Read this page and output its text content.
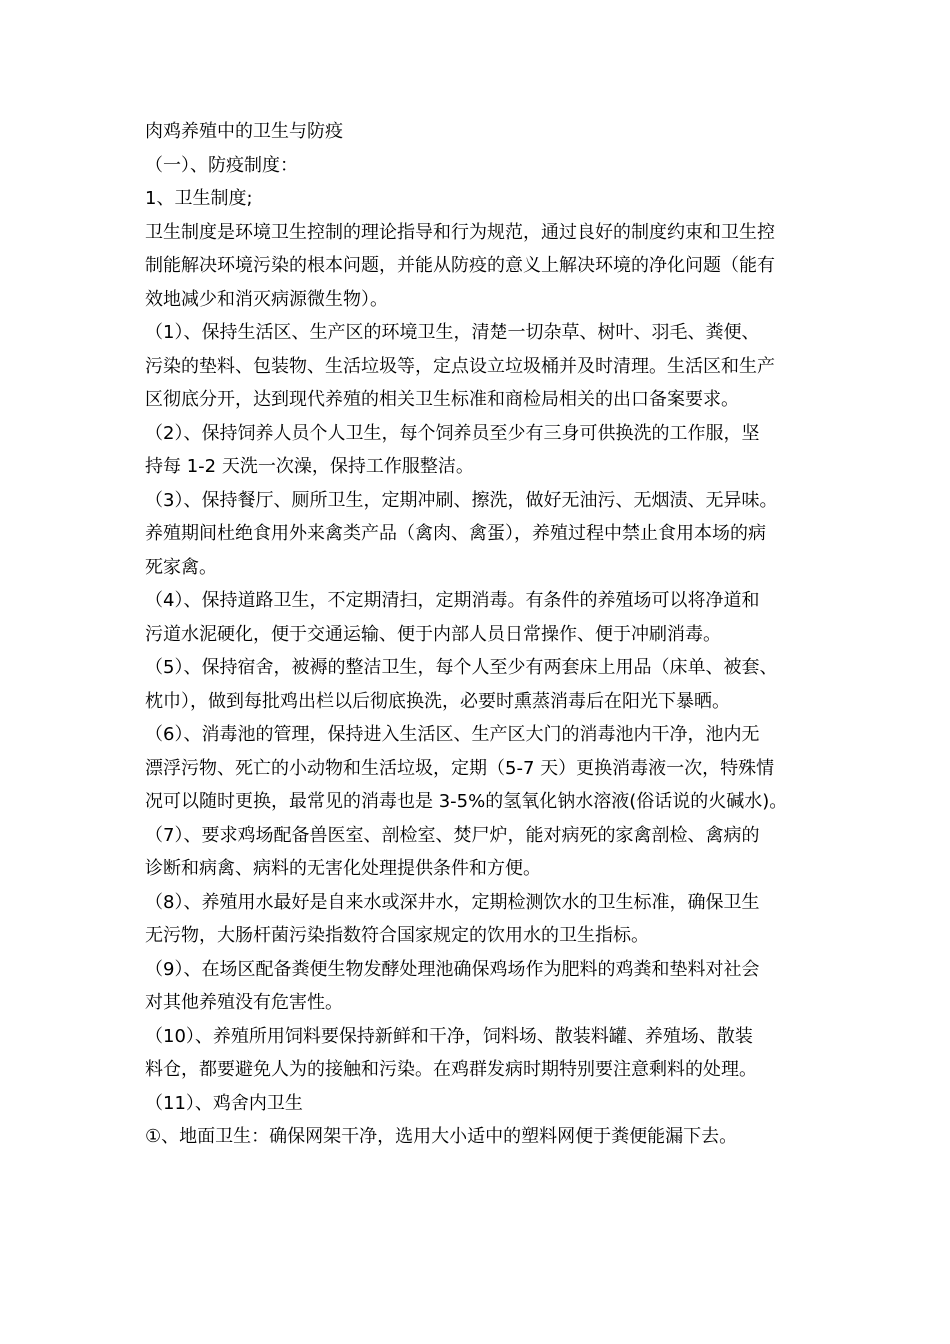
肉鸡养殖中的卫生与防疫
（一）、防疫制度：
1、卫生制度;
卫生制度是环境卫生控制的理论指导和行为规范，通过良好的制度约束和卫生控
制能解决环境污染的根本问题，并能从防疫的意义上解决环境的净化问题（能有
效地减少和消灭病源微生物）。
（1）、保持生活区、生产区的环境卫生，清楚一切杂草、树叶、羽毛、粪便、
污染的垫料、包装物、生活垃圾等，定点设立垃圾桶并及时清理。生活区和生产
区彻底分开，达到现代养殖的相关卫生标准和商检局相关的出口备案要求。
（2）、保持饲养人员个人卫生，每个饲养员至少有三身可供换洗的工作服，坚
持每 1-2 天洗一次澡，保持工作服整洁。
（3）、保持餐厅、厕所卫生，定期冲刷、擦洗，做好无油污、无烟渍、无异味。
养殖期间杜绝食用外来禽类产品（禽肉、禽蛋），养殖过程中禁止食用本场的病
死家禽。
（4）、保持道路卫生，不定期清扫，定期消毒。有条件的养殖场可以将净道和
污道水泥硬化，便于交通运输、便于内部人员日常操作、便于冲刷消毒。
（5）、保持宿舍，被褥的整洁卫生，每个人至少有两套床上用品（床单、被套、
枕巾），做到每批鸡出栏以后彻底换洗，必要时熏蒸消毒后在阳光下暴晒。
（6）、消毒池的管理，保持进入生活区、生产区大门的消毒池内干净，池内无
漂浮污物、死亡的小动物和生活垃圾，定期（5-7 天）更换消毒液一次，特殊情
况可以随时更换，最常见的消毒也是 3-5%的氢氧化钠水溶液(俗话说的火碱水)。
（7）、要求鸡场配备兽医室、剖检室、焚尸炉，能对病死的家禽剖检、禽病的
诊断和病禽、病料的无害化处理提供条件和方便。
（8）、养殖用水最好是自来水或深井水，定期检测饮水的卫生标准，确保卫生
无污物，大肠杆菌污染指数符合国家规定的饮用水的卫生指标。
（9）、在场区配备粪便生物发酵处理池确保鸡场作为肥料的鸡粪和垫料对社会
对其他养殖没有危害性。
（10）、养殖所用饲料要保持新鲜和干净，饲料场、散装料罐、养殖场、散装
料仓，都要避免人为的接触和污染。在鸡群发病时期特别要注意剩料的处理。
（11）、鸡舍内卫生
①、地面卫生：确保网架干净，选用大小适中的塑料网便于粪便能漏下去。
